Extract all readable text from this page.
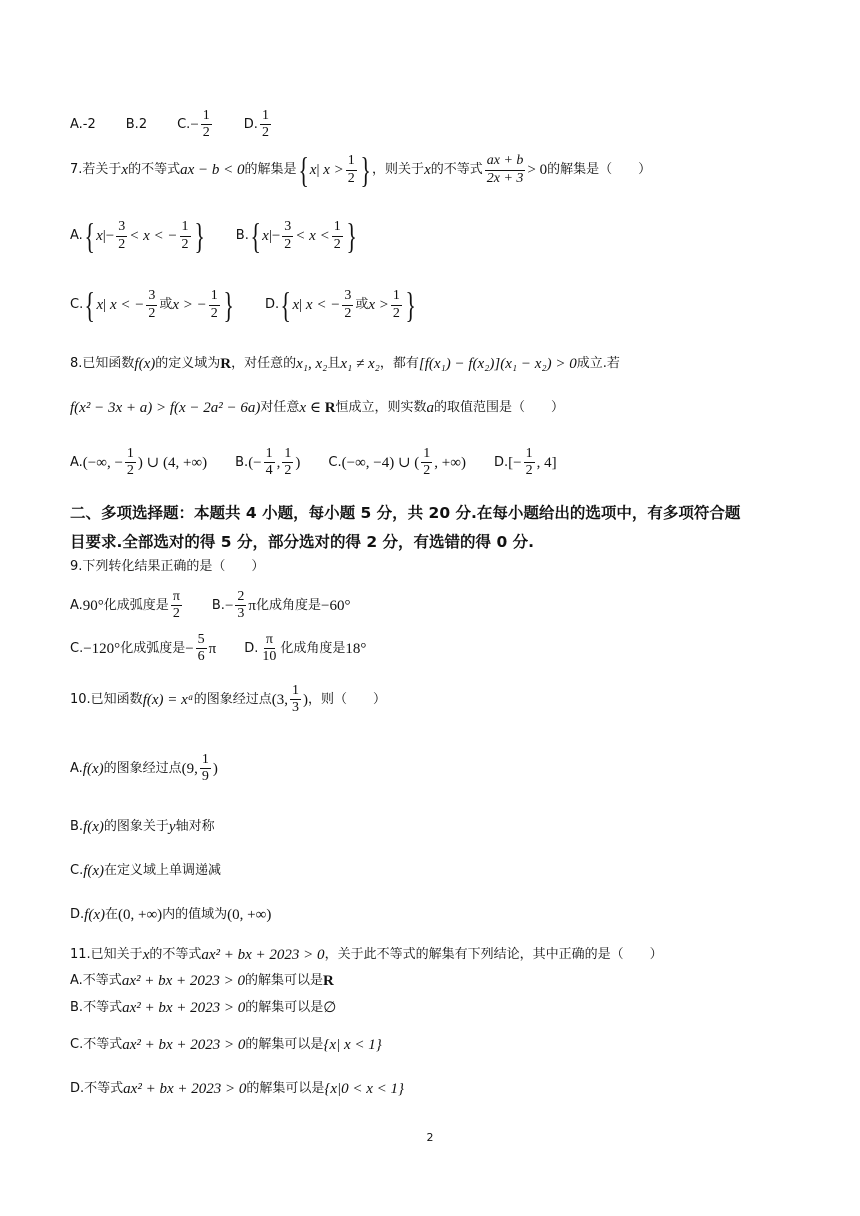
A.-2 B.2 C. − $\frac{1}{2} D$. $\frac{1}{2}$
7.若关于 x 的不等式 ax − b < 0 的解集是 { x | $x > \frac{1}{2}$ } ，则关于 x 的不等式 $\frac{ax + b}{2x + 3} > 0$ 的解集是（　　）
A. { x | − $\frac{3}{2} < x$ < − $\frac{1}{2}$ } B. { x | − $\frac{3}{2} < x < \frac{1}{2}$ }
C. { x | x < − $\frac{3}{2}$ 或 x > − $\frac{1}{2}$ } D. { x | x < − $\frac{3}{2}$ 或 $x > \frac{1}{2}$ }
8.已知函数 f(x) 的定义域为 R ，对任意的 x₁, x₂ 且 x₁ ≠ x₂ ，都有 [f(x₁) − f(x₂)](x₁ − x₂) > 0 成立.若
f(x² − 3x + a) > f(x − 2a² − 6a) 对任意 x ∈
R 恒成立，则实数 a 的取值范围是（　　）
A. (−∞, − $\frac{1}{2}$ ) ∪ (4, +∞) B. (− $\frac{1}{4}$ , $\frac{1}{2}$ ) C. (−∞, −4) ∪ ( $\frac{1}{2}$ , +∞) D. [− $\frac{1}{2}$ , 4]
二、多项选择题：本题共 4 小题，每小题 5 分，共 20 分.在每小题给出的选项中，有多项符合题
目要求.全部选对的得 5 分，部分选对的得 2 分，有选错的得 0 分.
9.下列转化结果正确的是（　　）
A. 90° 化成弧度是 $\frac{\pi}{2} B$. − $\frac{2}{3}$ π 化成角度是 −60°
C. −120° 化成弧度是 − $\frac{5}{6}$ π D. $\frac{\pi}{10}$ 化成角度是 18°
10.已知函数 f(x) = xᵃ 的图象经过点 (3, $\frac{1}{3}$ ) ，则（　　）
A. f(x) 的图象经过点 (9, $\frac{1}{9}$ )
B. f(x) 的图象关于 y 轴对称
C. f(x) 在定义域上单调递减
D. f(x) 在 (0, +∞) 内的值域为 (0, +∞)
11.已知关于 x 的不等式 ax² + bx + 2023 > 0 ，关于此不等式的解集有下列结论，其中正确的是（　　）
A. 不等式 ax² + bx + 2023 > 0 的解集可以是 R
B. 不等式 ax² + bx + 2023 > 0 的解集可以是 ∅
C. 不等式 ax² + bx + 2023 > 0 的解集可以是 {x| x < 1}
D. 不等式 ax² + bx + 2023 > 0 的解集可以是 {x|0 < x < 1}
2
